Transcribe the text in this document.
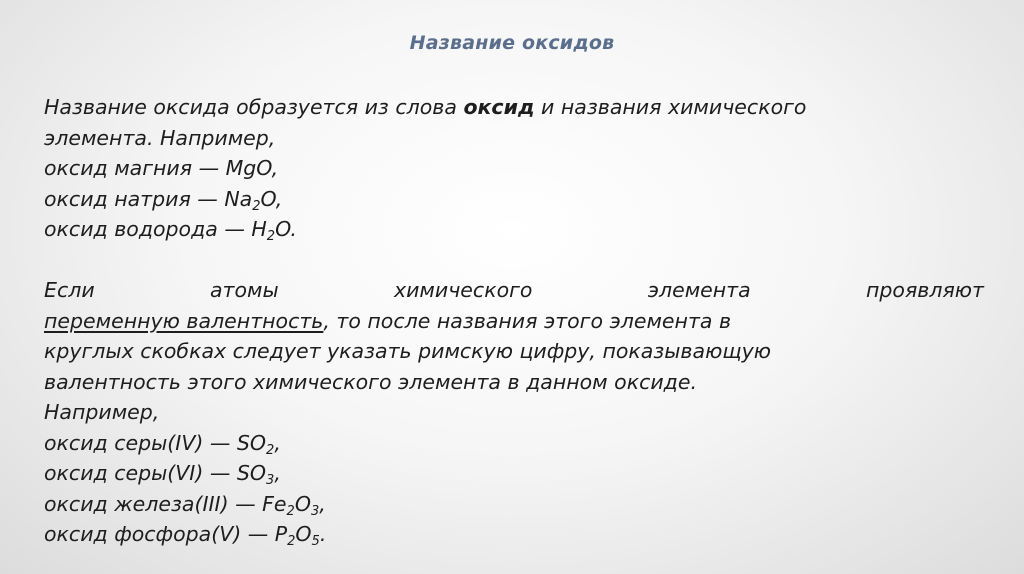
Название оксидов
Название оксида образуется из слова оксид и названия химического
элемента. Например,
оксид магния — MgO,
оксид натрия — $Na_2O$,
оксид водорода — $H_2O$.
Если	атомы	химического	элемента	проявляют
переменную валентность, то после названия этого элемента в
круглых скобках следует указать римскую цифру, показывающую
валентность этого химического элемента в данном оксиде.
Например,
оксид серы(IV) — $SO_2$,
оксид серы(VI) — $SO_3$,
оксид железа(III) — $Fe_2O_3$,
оксид фосфора(V) — $P_2O_5$.
